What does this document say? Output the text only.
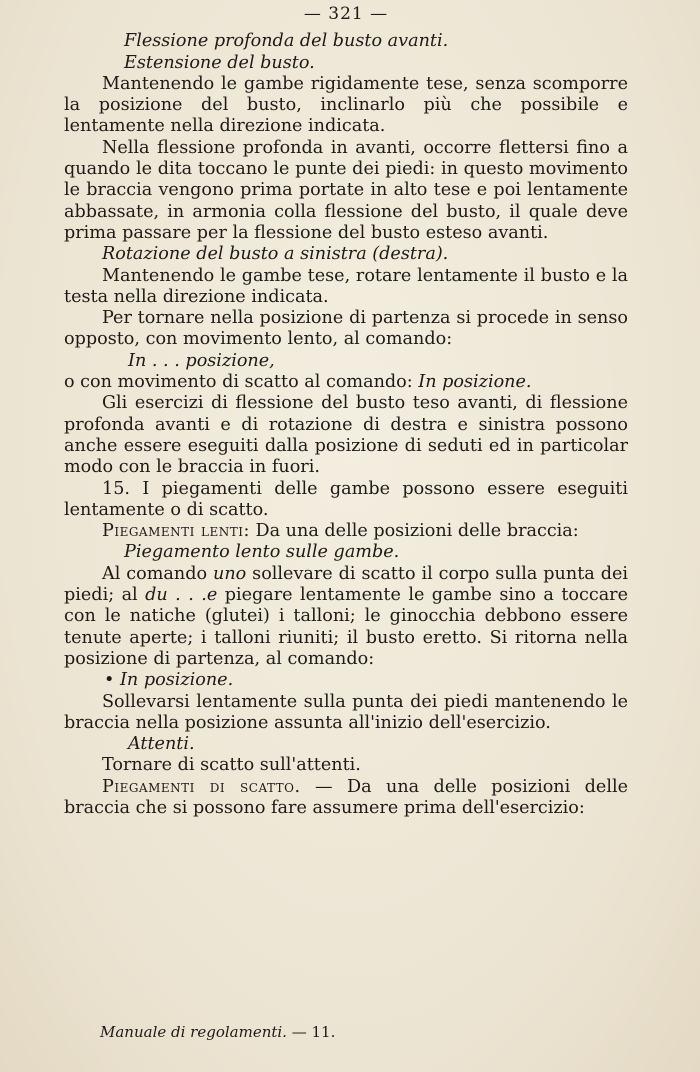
— 321 —

Flessione profonda del busto avanti.

Estensione del busto.

Mantenendo le gambe rigidamente tese, senza scomporre la posizione del busto, inclinarlo più che possibile e lentamente nella direzione indicata.

Nella flessione profonda in avanti, occorre flettersi fino a quando le dita toccano le punte dei piedi: in questo movimento le braccia vengono prima portate in alto tese e poi lentamente abbassate, in armonia colla flessione del busto, il quale deve prima passare per la flessione del busto esteso avanti.

Rotazione del busto a sinistra (destra).

Mantenendo le gambe tese, rotare lentamente il busto e la testa nella direzione indicata.

Per tornare nella posizione di partenza si procede in senso opposto, con movimento lento, al comando:

In . . . posizione,

o con movimento di scatto al comando: In posizione.

Gli esercizi di flessione del busto teso avanti, di flessione profonda avanti e di rotazione di destra e sinistra possono anche essere eseguiti dalla posizione di seduti ed in particolar modo con le braccia in fuori.

15. I piegamenti delle gambe possono essere eseguiti lentamente o di scatto.

Piegamenti lenti: Da una delle posizioni delle braccia:

Piegamento lento sulle gambe.

Al comando uno sollevare di scatto il corpo sulla punta dei piedi; al du . . .e piegare lentamente le gambe sino a toccare con le natiche (glutei) i talloni; le ginocchia debbono essere tenute aperte; i talloni riuniti; il busto eretto. Si ritorna nella posizione di partenza, al comando:

• In posizione.

Sollevarsi lentamente sulla punta dei piedi mantenendo le braccia nella posizione assunta all'inizio dell'esercizio.

Attenti.

Tornare di scatto sull'attenti.

Piegamenti di scatto. — Da una delle posizioni delle braccia che si possono fare assumere prima dell'esercizio:

Manuale di regolamenti. — 11.
